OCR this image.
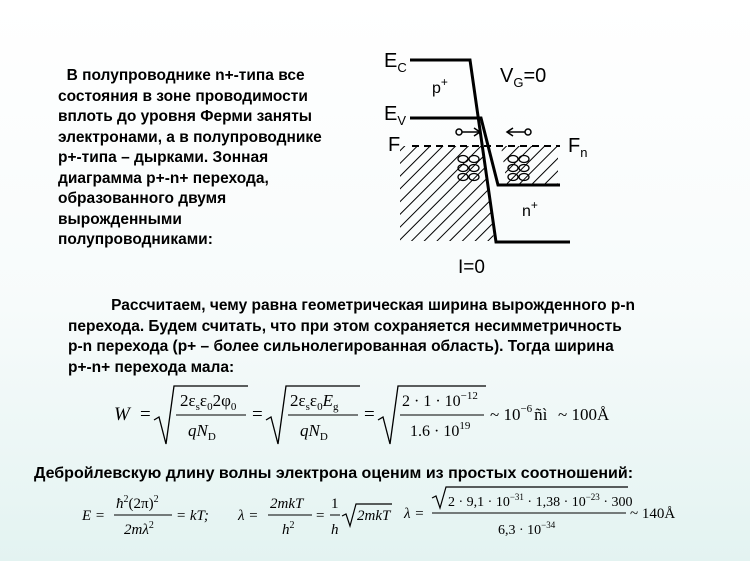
В полупроводнике n+-типа все
состояния в зоне проводимости
вплоть до уровня Ферми заняты
электронами, а в полупроводнике
p+-типа – дырками. Зонная
диаграмма p+-n+ перехода,
образованного двумя
вырожденными
полупроводниками:
$E_C$
p+	$V_G=0$
$E_V$
F	$F_n$
n+
I=0
Рассчитаем, чему равна геометрическая ширина вырожденного p-n
перехода. Будем считать, что при этом сохраняется несимметричность
p-n перехода (p+ – более сильнолегированная область). Тогда ширина
p+-n+ перехода мала:
W =
$2\varepsilon_s\varepsilon_02\varphi_0$
$qN_D$
=
$2\varepsilon_s\varepsilon_0E_g$
$qN_D$
=
$2 \cdot 1 \cdot 10^{-12}$
$1.6 \cdot 10^{19}$
~ $10^{-6}$ ñì ~ 100Å
Дебройлевскую длину волны электрона оценим из простых соотношений:
E =
$ħ^2(2\pi)^2$
$2m\lambda^2$
= kT; λ =
2mkT
$h^2$
=
1
h
2mkT λ =
$2 \cdot 9,1 \cdot 10^{-31} \cdot 1,38 \cdot 10^{-23} \cdot 300$
$6,3 \cdot 10^{-34}$
~ 140Å
